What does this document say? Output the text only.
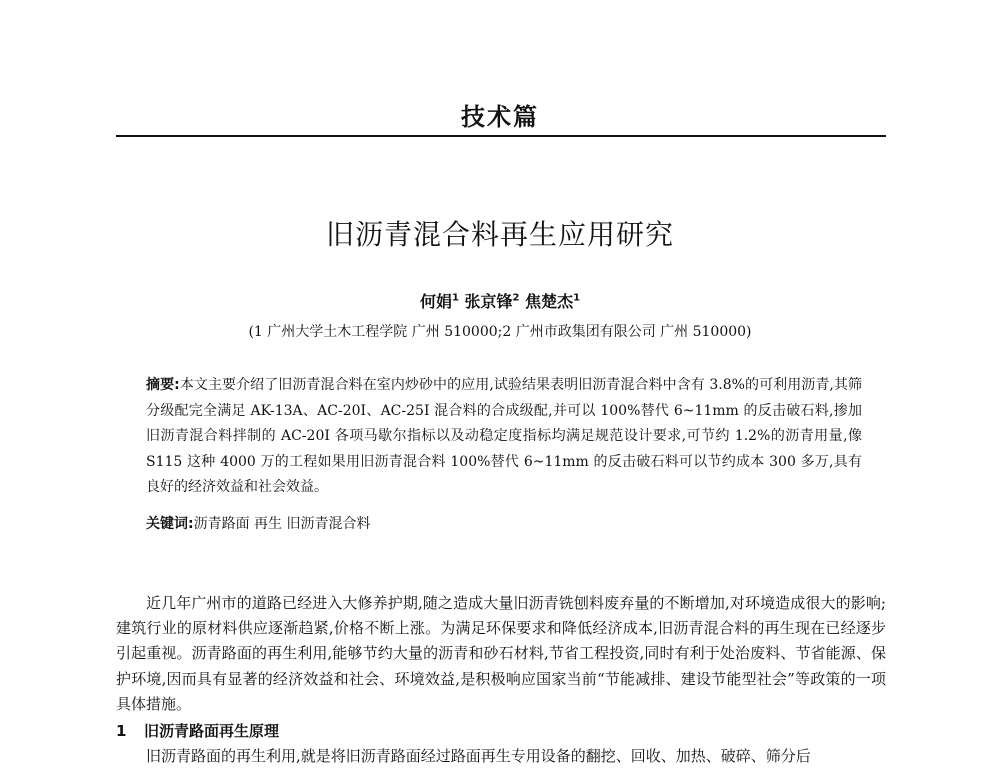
技术篇
旧沥青混合料再生应用研究
何娟$^1$ 张京锋$^2$ 焦楚杰$^1$
(1 广州大学土木工程学院 广州 510000;2 广州市政集团有限公司 广州 510000)
摘要:本文主要介绍了旧沥青混合料在室内炒砂中的应用,试验结果表明旧沥青混合料中含有 3.8%的可利用沥青,其筛分级配完全满足 AK-13A、AC-20I、AC-25I 混合料的合成级配,并可以 100%替代 6~11mm 的反击破石料,掺加旧沥青混合料拌制的 AC-20I 各项马歇尔指标以及动稳定度指标均满足规范设计要求,可节约 1.2%的沥青用量,像 S115 这种 4000 万的工程如果用旧沥青混合料 100%替代 6~11mm 的反击破石料可以节约成本 300 多万,具有良好的经济效益和社会效益。
关键词:沥青路面 再生 旧沥青混合料
近几年广州市的道路已经进入大修养护期,随之造成大量旧沥青铣刨料废弃量的不断增加,对环境造成很大的影响;建筑行业的原材料供应逐渐趋紧,价格不断上涨。为满足环保要求和降低经济成本,旧沥青混合料的再生现在已经逐步引起重视。沥青路面的再生利用,能够节约大量的沥青和砂石材料,节省工程投资,同时有利于处治废料、节省能源、保护环境,因而具有显著的经济效益和社会、环境效益,是积极响应国家当前“节能减排、建设节能型社会”等政策的一项具体措施。
1 旧沥青路面再生原理
旧沥青路面的再生利用,就是将旧沥青路面经过路面再生专用设备的翻挖、回收、加热、破碎、筛分后
